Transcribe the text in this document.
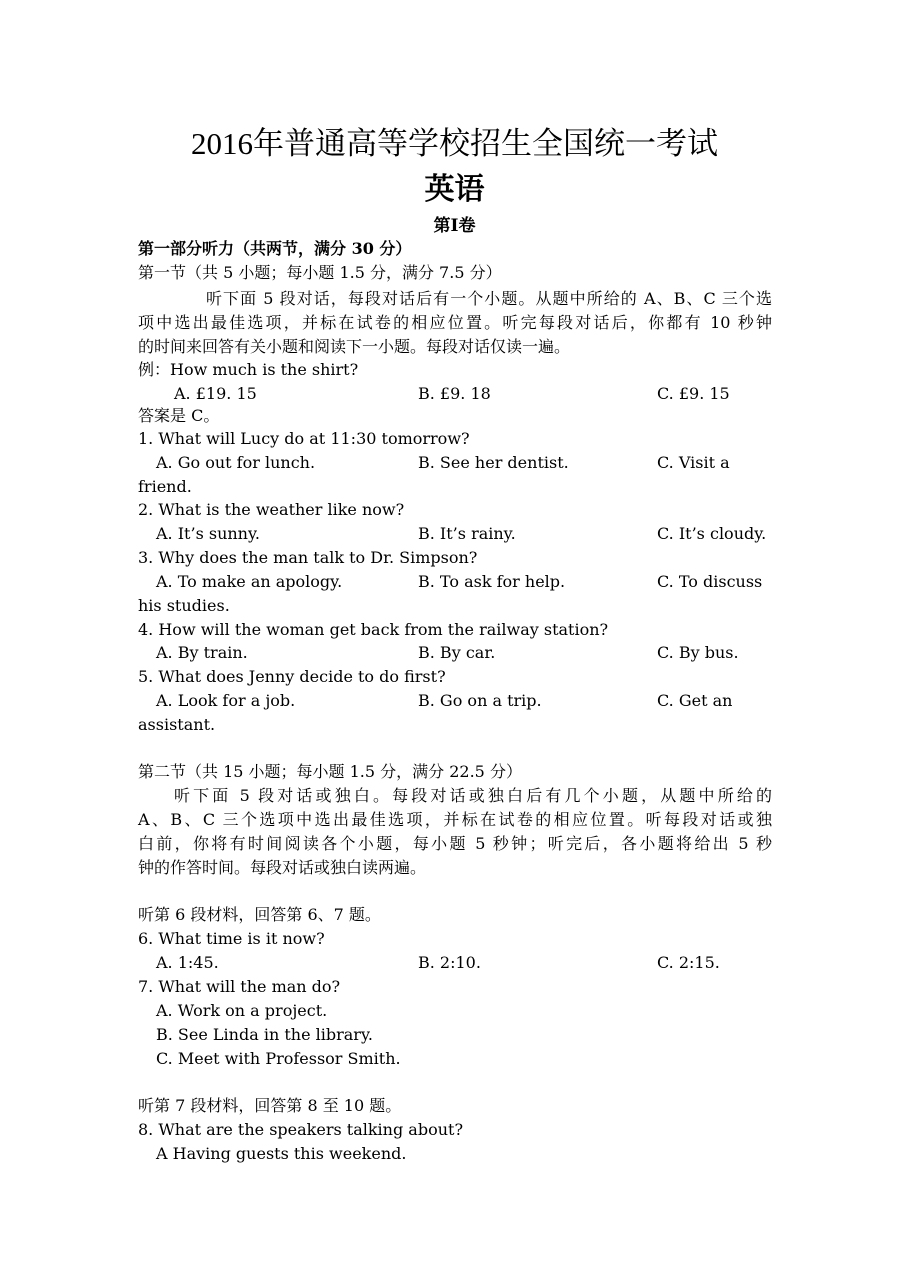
2016年普通高等学校招生全国统一考试
英语
第Ⅰ卷
第一部分听力（共两节，满分 30 分）
第一节（共 5 小题；每小题 1.5 分，满分 7.5 分）
听下面 5 段对话，每段对话后有一个小题。从题中所给的 A、B、C 三个选
项中选出最佳选项，并标在试卷的相应位置。听完每段对话后，你都有 10 秒钟
的时间来回答有关小题和阅读下一小题。每段对话仅读一遍。
例：How much is the shirt?
A. £19. 15	B. £9. 18	C. £9. 15
答案是 C。
1. What will Lucy do at 11:30 tomorrow?
A. Go out for lunch.	B. See her dentist.	C. Visit a
friend.
2. What is the weather like now?
A. It’s sunny.	B. It’s rainy.	C. It’s cloudy.
3. Why does the man talk to Dr. Simpson?
A. To make an apology.	B. To ask for help.	C. To discuss
his studies.
4. How will the woman get back from the railway station?
A. By train.	B. By car.	C. By bus.
5. What does Jenny decide to do first?
A. Look for a job.	B. Go on a trip.	C. Get an
assistant.
第二节（共 15 小题；每小题 1.5 分，满分 22.5 分）
听下面 5 段对话或独白。每段对话或独白后有几个小题，从题中所给的
A、B、C 三个选项中选出最佳选项，并标在试卷的相应位置。听每段对话或独
白前，你将有时间阅读各个小题，每小题 5 秒钟；听完后，各小题将给出 5 秒
钟的作答时间。每段对话或独白读两遍。
听第 6 段材料，回答第 6、7 题。
6. What time is it now?
A. 1:45.	B. 2:10.	C. 2:15.
7. What will the man do?
A. Work on a project.
B. See Linda in the library.
C. Meet with Professor Smith.
听第 7 段材料，回答第 8 至 10 题。
8. What are the speakers talking about?
A Having guests this weekend.
